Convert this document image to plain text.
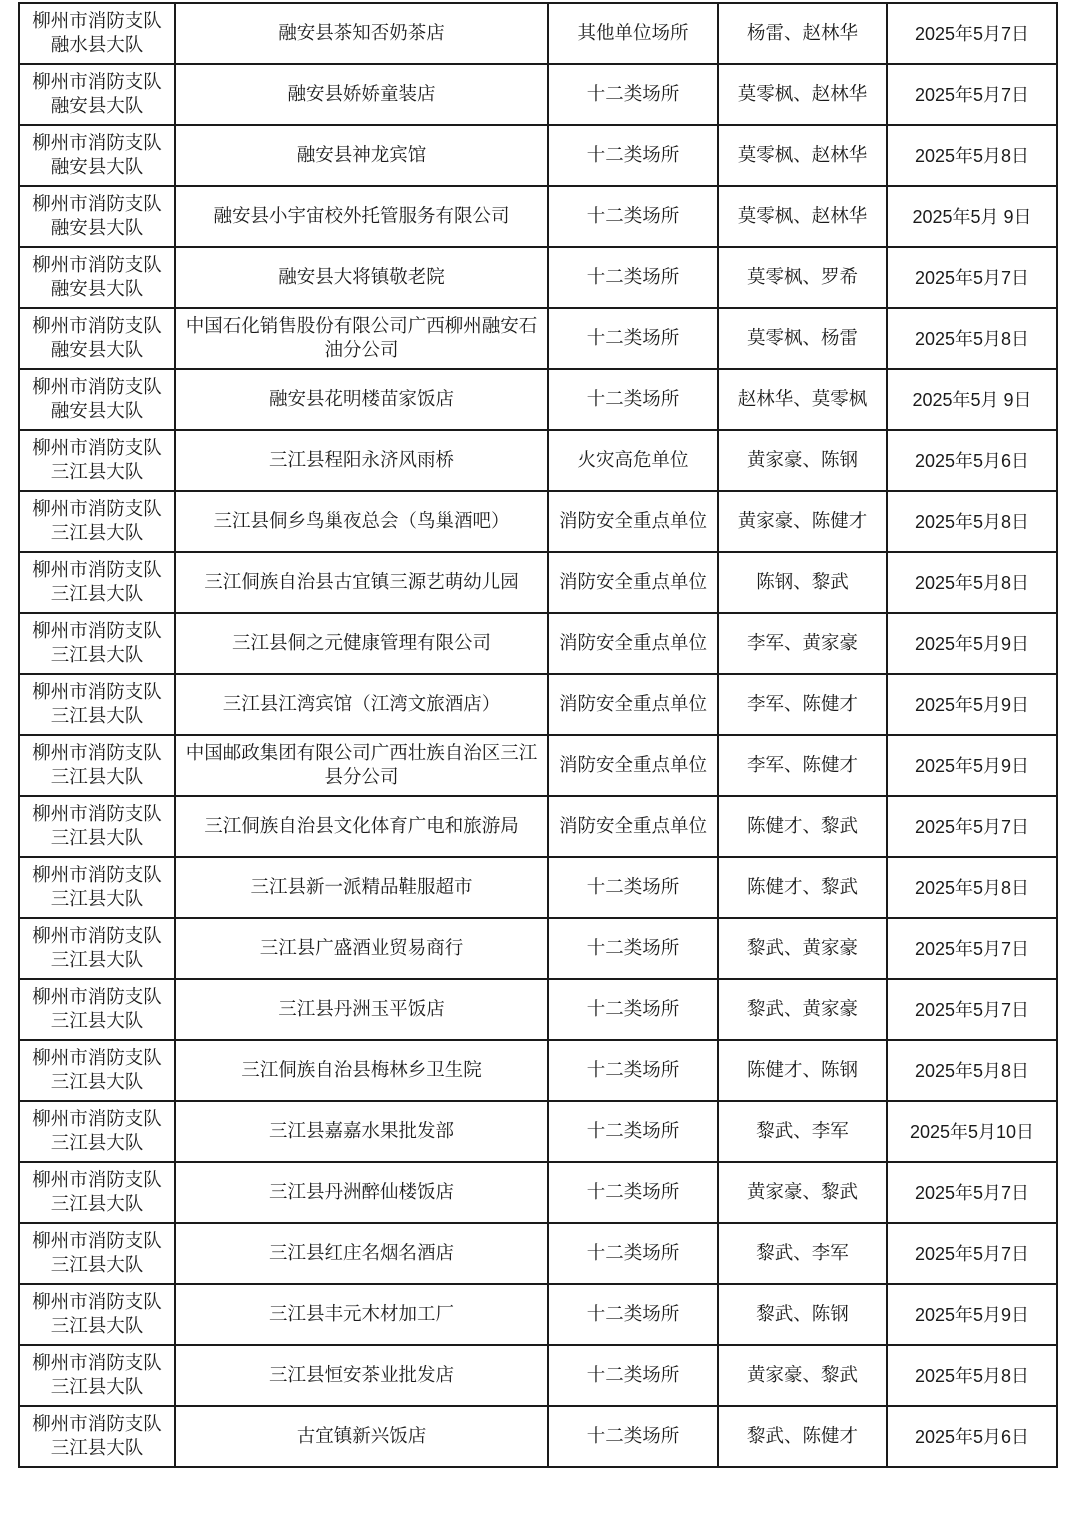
柳州市消防支队
融水县大队	融安县茶知否奶茶店	其他单位场所	杨雷、赵林华	2025年5月7日

柳州市消防支队
融安县大队	融安县娇娇童装店	十二类场所	莫零枫、赵林华	2025年5月7日

柳州市消防支队
融安县大队	融安县神龙宾馆	十二类场所	莫零枫、赵林华	2025年5月8日

柳州市消防支队
融安县大队	融安县小宇宙校外托管服务有限公司	十二类场所	莫零枫、赵林华	2025年5月 9日

柳州市消防支队
融安县大队	融安县大将镇敬老院	十二类场所	莫零枫、罗希	2025年5月7日

柳州市消防支队
融安县大队	中国石化销售股份有限公司广西柳州融安石油分公司	十二类场所	莫零枫、杨雷	2025年5月8日

柳州市消防支队
融安县大队	融安县花明楼苗家饭店	十二类场所	赵林华、莫零枫	2025年5月 9日

柳州市消防支队
三江县大队	三江县程阳永济风雨桥	火灾高危单位	黄家豪、陈钢	2025年5月6日

柳州市消防支队
三江县大队	三江县侗乡鸟巢夜总会（鸟巢酒吧）	消防安全重点单位	黄家豪、陈健才	2025年5月8日

柳州市消防支队
三江县大队	三江侗族自治县古宜镇三源艺萌幼儿园	消防安全重点单位	陈钢、黎武	2025年5月8日

柳州市消防支队
三江县大队	三江县侗之元健康管理有限公司	消防安全重点单位	李军、黄家豪	2025年5月9日

柳州市消防支队
三江县大队	三江县江湾宾馆（江湾文旅酒店）	消防安全重点单位	李军、陈健才	2025年5月9日

柳州市消防支队
三江县大队	中国邮政集团有限公司广西壮族自治区三江县分公司	消防安全重点单位	李军、陈健才	2025年5月9日

柳州市消防支队
三江县大队	三江侗族自治县文化体育广电和旅游局	消防安全重点单位	陈健才、黎武	2025年5月7日

柳州市消防支队
三江县大队	三江县新一派精品鞋服超市	十二类场所	陈健才、黎武	2025年5月8日

柳州市消防支队
三江县大队	三江县广盛酒业贸易商行	十二类场所	黎武、黄家豪	2025年5月7日

柳州市消防支队
三江县大队	三江县丹洲玉平饭店	十二类场所	黎武、黄家豪	2025年5月7日

柳州市消防支队
三江县大队	三江侗族自治县梅林乡卫生院	十二类场所	陈健才、陈钢	2025年5月8日

柳州市消防支队
三江县大队	三江县嘉嘉水果批发部	十二类场所	黎武、李军	2025年5月10日

柳州市消防支队
三江县大队	三江县丹洲醉仙楼饭店	十二类场所	黄家豪、黎武	2025年5月7日

柳州市消防支队
三江县大队	三江县红庄名烟名酒店	十二类场所	黎武、李军	2025年5月7日

柳州市消防支队
三江县大队	三江县丰元木材加工厂	十二类场所	黎武、陈钢	2025年5月9日

柳州市消防支队
三江县大队	三江县恒安茶业批发店	十二类场所	黄家豪、黎武	2025年5月8日

柳州市消防支队
三江县大队	古宜镇新兴饭店	十二类场所	黎武、陈健才	2025年5月6日
